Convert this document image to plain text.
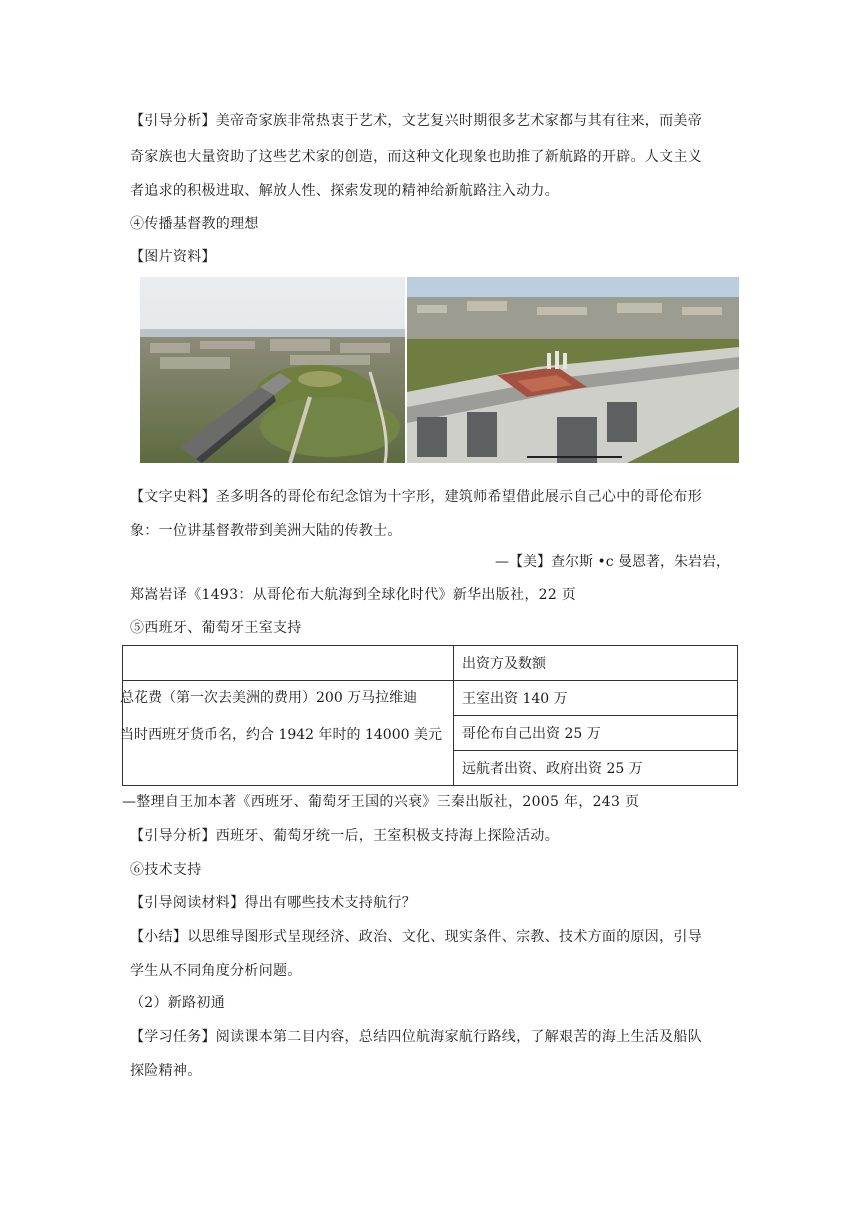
【引导分析】美帝奇家族非常热衷于艺术，文艺复兴时期很多艺术家都与其有往来，而美帝
奇家族也大量资助了这些艺术家的创造，而这种文化现象也助推了新航路的开辟。人文主义
者追求的积极进取、解放人性、探索发现的精神给新航路注入动力。
④传播基督教的理想
【图片资料】
【文字史料】圣多明各的哥伦布纪念馆为十字形，建筑师希望借此展示自己心中的哥伦布形
象：一位讲基督教带到美洲大陆的传教士。
—【美】查尔斯 •c 曼恩著，朱岩岩，
郑嵩岩译《1493：从哥伦布大航海到全球化时代》新华出版社，22 页
⑤西班牙、葡萄牙王室支持
	出资方及数额

总花费（第一次去美洲的费用）200 万马拉维迪
当时西班牙货币名，约合 1942 年时的 14000 美元	王室出资 140 万
	哥伦布自己出资 25 万
	远航者出资、政府出资 25 万
—整理自王加本著《西班牙、葡萄牙王国的兴衰》三秦出版社，2005 年，243 页
【引导分析】西班牙、葡萄牙统一后，王室积极支持海上探险活动。
⑥技术支持
【引导阅读材料】得出有哪些技术支持航行？
【小结】以思维导图形式呈现经济、政治、文化、现实条件、宗教、技术方面的原因，引导
学生从不同角度分析问题。
（2）新路初通
【学习任务】阅读课本第二目内容，总结四位航海家航行路线，了解艰苦的海上生活及船队
探险精神。
